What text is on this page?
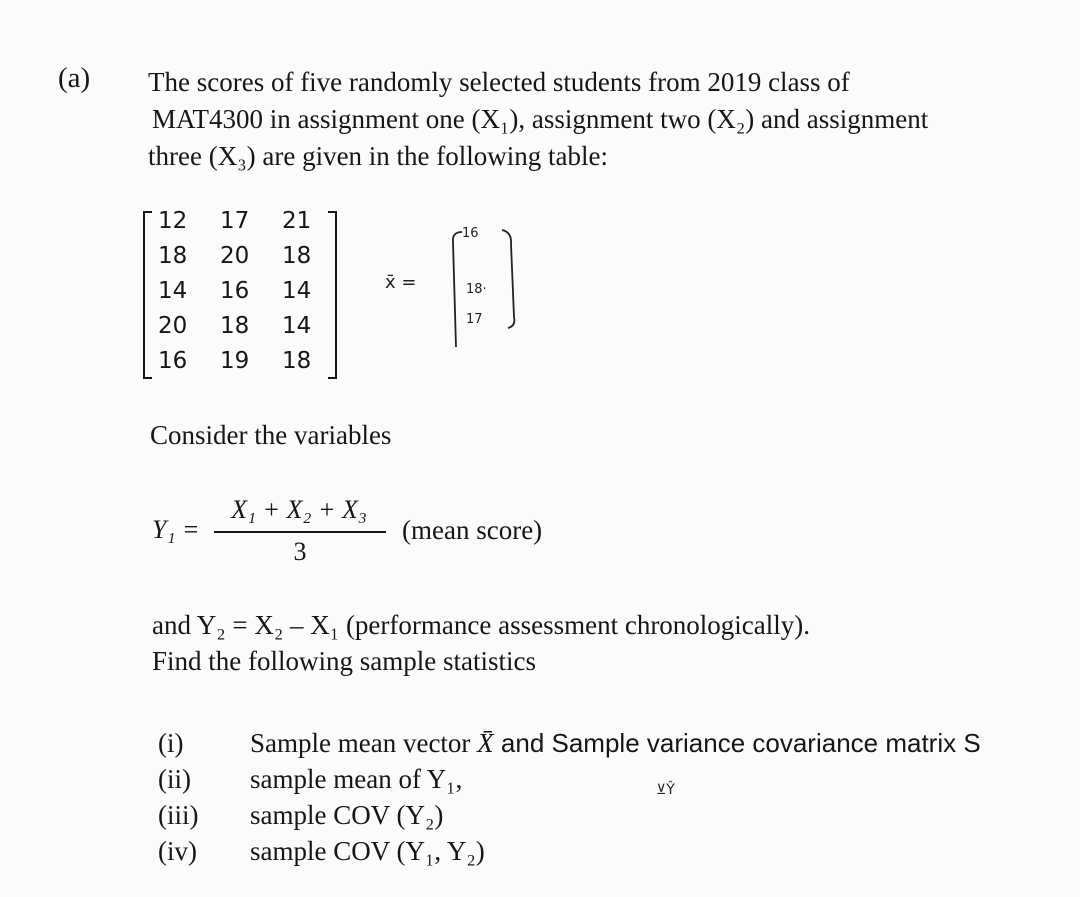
(a) The scores of five randomly selected students from 2019 class of
MAT4300 in assignment one (X₁), assignment two (X₂) and assignment
three (X₃) are given in the following table:
12 17 21
18 20 18
14 16 14
20 18 14
16 19 18
x̄ =
16
18·
17
Consider the variables
Y₁ =
X₁ + X₂ + X₃
3
(mean score)
and Y₂ = X₂ – X₁ (performance assessment chronologically).
Find the following sample statistics
(i)	Sample mean vector X̄ and Sample variance covariance matrix S
(ii)	sample mean of Y₁,
(iii)	sample COV (Y₂)
(iv)	sample COV (Y₁, Y₂)
⊻Ŷ
